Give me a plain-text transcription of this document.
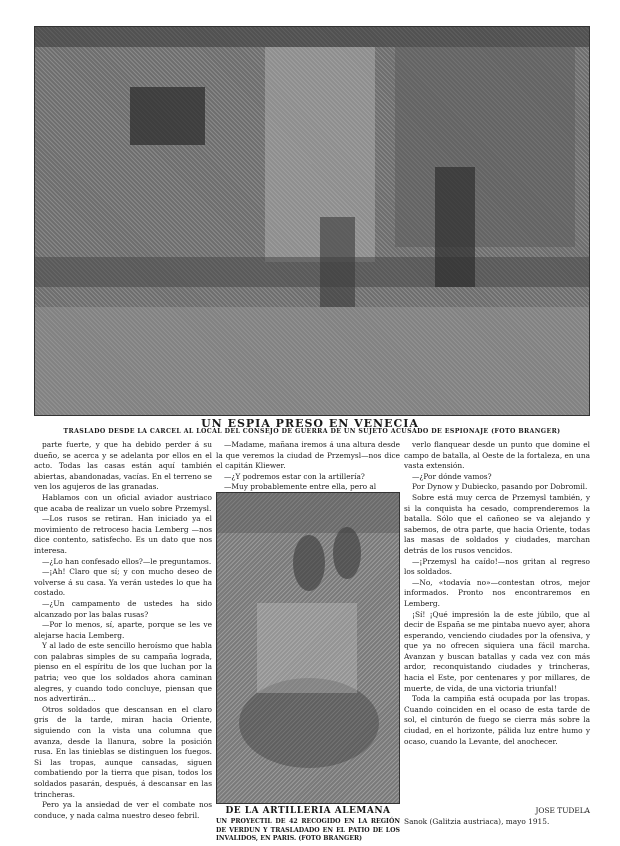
UN ESPIA PRESO EN VENECIA
TRASLADO DESDE LA CARCEL AL LOCAL DEL CONSEJO DE GUERRA DE UN SUJETO ACUSADO DE ESPIONAJE (FOTO BRANGER)

parte fuerte, y que ha debido perder á su dueño, se acerca y se adelanta por ellos en el acto. Todas las casas están aquí también abiertas, abandonadas, vacías. En el terreno se ven los agujeros de las granadas.

Hablamos con un oficial aviador austriaco que acaba de realizar un vuelo sobre Przemysl.

—Los rusos se retiran. Han iniciado ya el movimiento de retroceso hacia Lemberg —nos dice contento, satisfecho. Es un dato que nos interesa.

—¿Lo han confesado ellos?—le preguntamos.

—¡Ah! Claro que sí; y con mucho deseo de volverse á su casa. Ya verán ustedes lo que ha costado.

—¿Un campamento de ustedes ha sido alcanzado por las balas rusas?

—Por lo menos, sí, aparte, porque se les ve alejarse hacia Lemberg.

Y al lado de este sencillo heroísmo que habla con palabras simples de su campaña lograda, pienso en el espíritu de los que luchan por la patria; veo que los soldados ahora caminan alegres, y cuando todo concluye, piensan que nos advertirán...

Otros soldados que descansan en el claro gris de la tarde, miran hacia Oriente, siguiendo con la vista una columna que avanza, desde la llanura, sobre la posición rusa. En las tinieblas se distinguen los fuegos. Si las tropas, aunque cansadas, siguen combatiendo por la tierra que pisan, todos los soldados pasarán, después, á descansar en las trincheras.

Pero ya la ansiedad de ver el combate nos conduce, y nada calma nuestro deseo febril.

—Madame, mañana iremos á una altura desde la que veremos la ciudad de Przemysl—nos dice el capitán Kliewer.

—¿Y podremos estar con la artillería?

—Muy probablemente entre ella, pero al

DE LA ARTILLERIA ALEMANA
UN PROYECTIL DE 42 RECOGIDO EN LA REGIÓN DE VERDUN Y TRASLADADO EN EL PATIO DE LOS INVALIDOS, EN PARIS. (FOTO BRANGER)

verlo flanquear desde un punto que domine el campo de batalla, al Oeste de la fortaleza, en una vasta extensión.

—¿Por dónde vamos?

Por Dynow y Dubiecko, pasando por Dobromil.

Sobre está muy cerca de Przemysl también, y si la conquista ha cesado, comprenderemos la batalla. Sólo que el cañoneo se va alejando y sabemos, de otra parte, que hacia Oriente, todas las masas de soldados y ciudades, marchan detrás de los rusos vencidos.

—¡Przemysl ha caído!—nos gritan al regreso los soldados.

—No, «todavía no»—contestan otros, mejor informados. Pronto nos encontraremos en Lemberg.

¡Sí! ¡Qué impresión la de este júbilo, que al decir de España se me pintaba nuevo ayer, ahora esperando, venciendo ciudades por la ofensiva, y que ya no ofrecen siquiera una fácil marcha. Avanzan y buscan batallas y cada vez con más ardor, reconquistando ciudades y trincheras, hacia el Este, por centenares y por millares, de muerte, de vida, de una victoria triunfal!

Toda la campiña está ocupada por las tropas. Cuando coinciden en el ocaso de esta tarde de sol, el cinturón de fuego se cierra más sobre la ciudad, en el horizonte, pálida luz entre humo y ocaso, cuando la Levante, del anochecer.

JOSE TUDELA
Sanok (Galitzia austriaca), mayo 1915.
